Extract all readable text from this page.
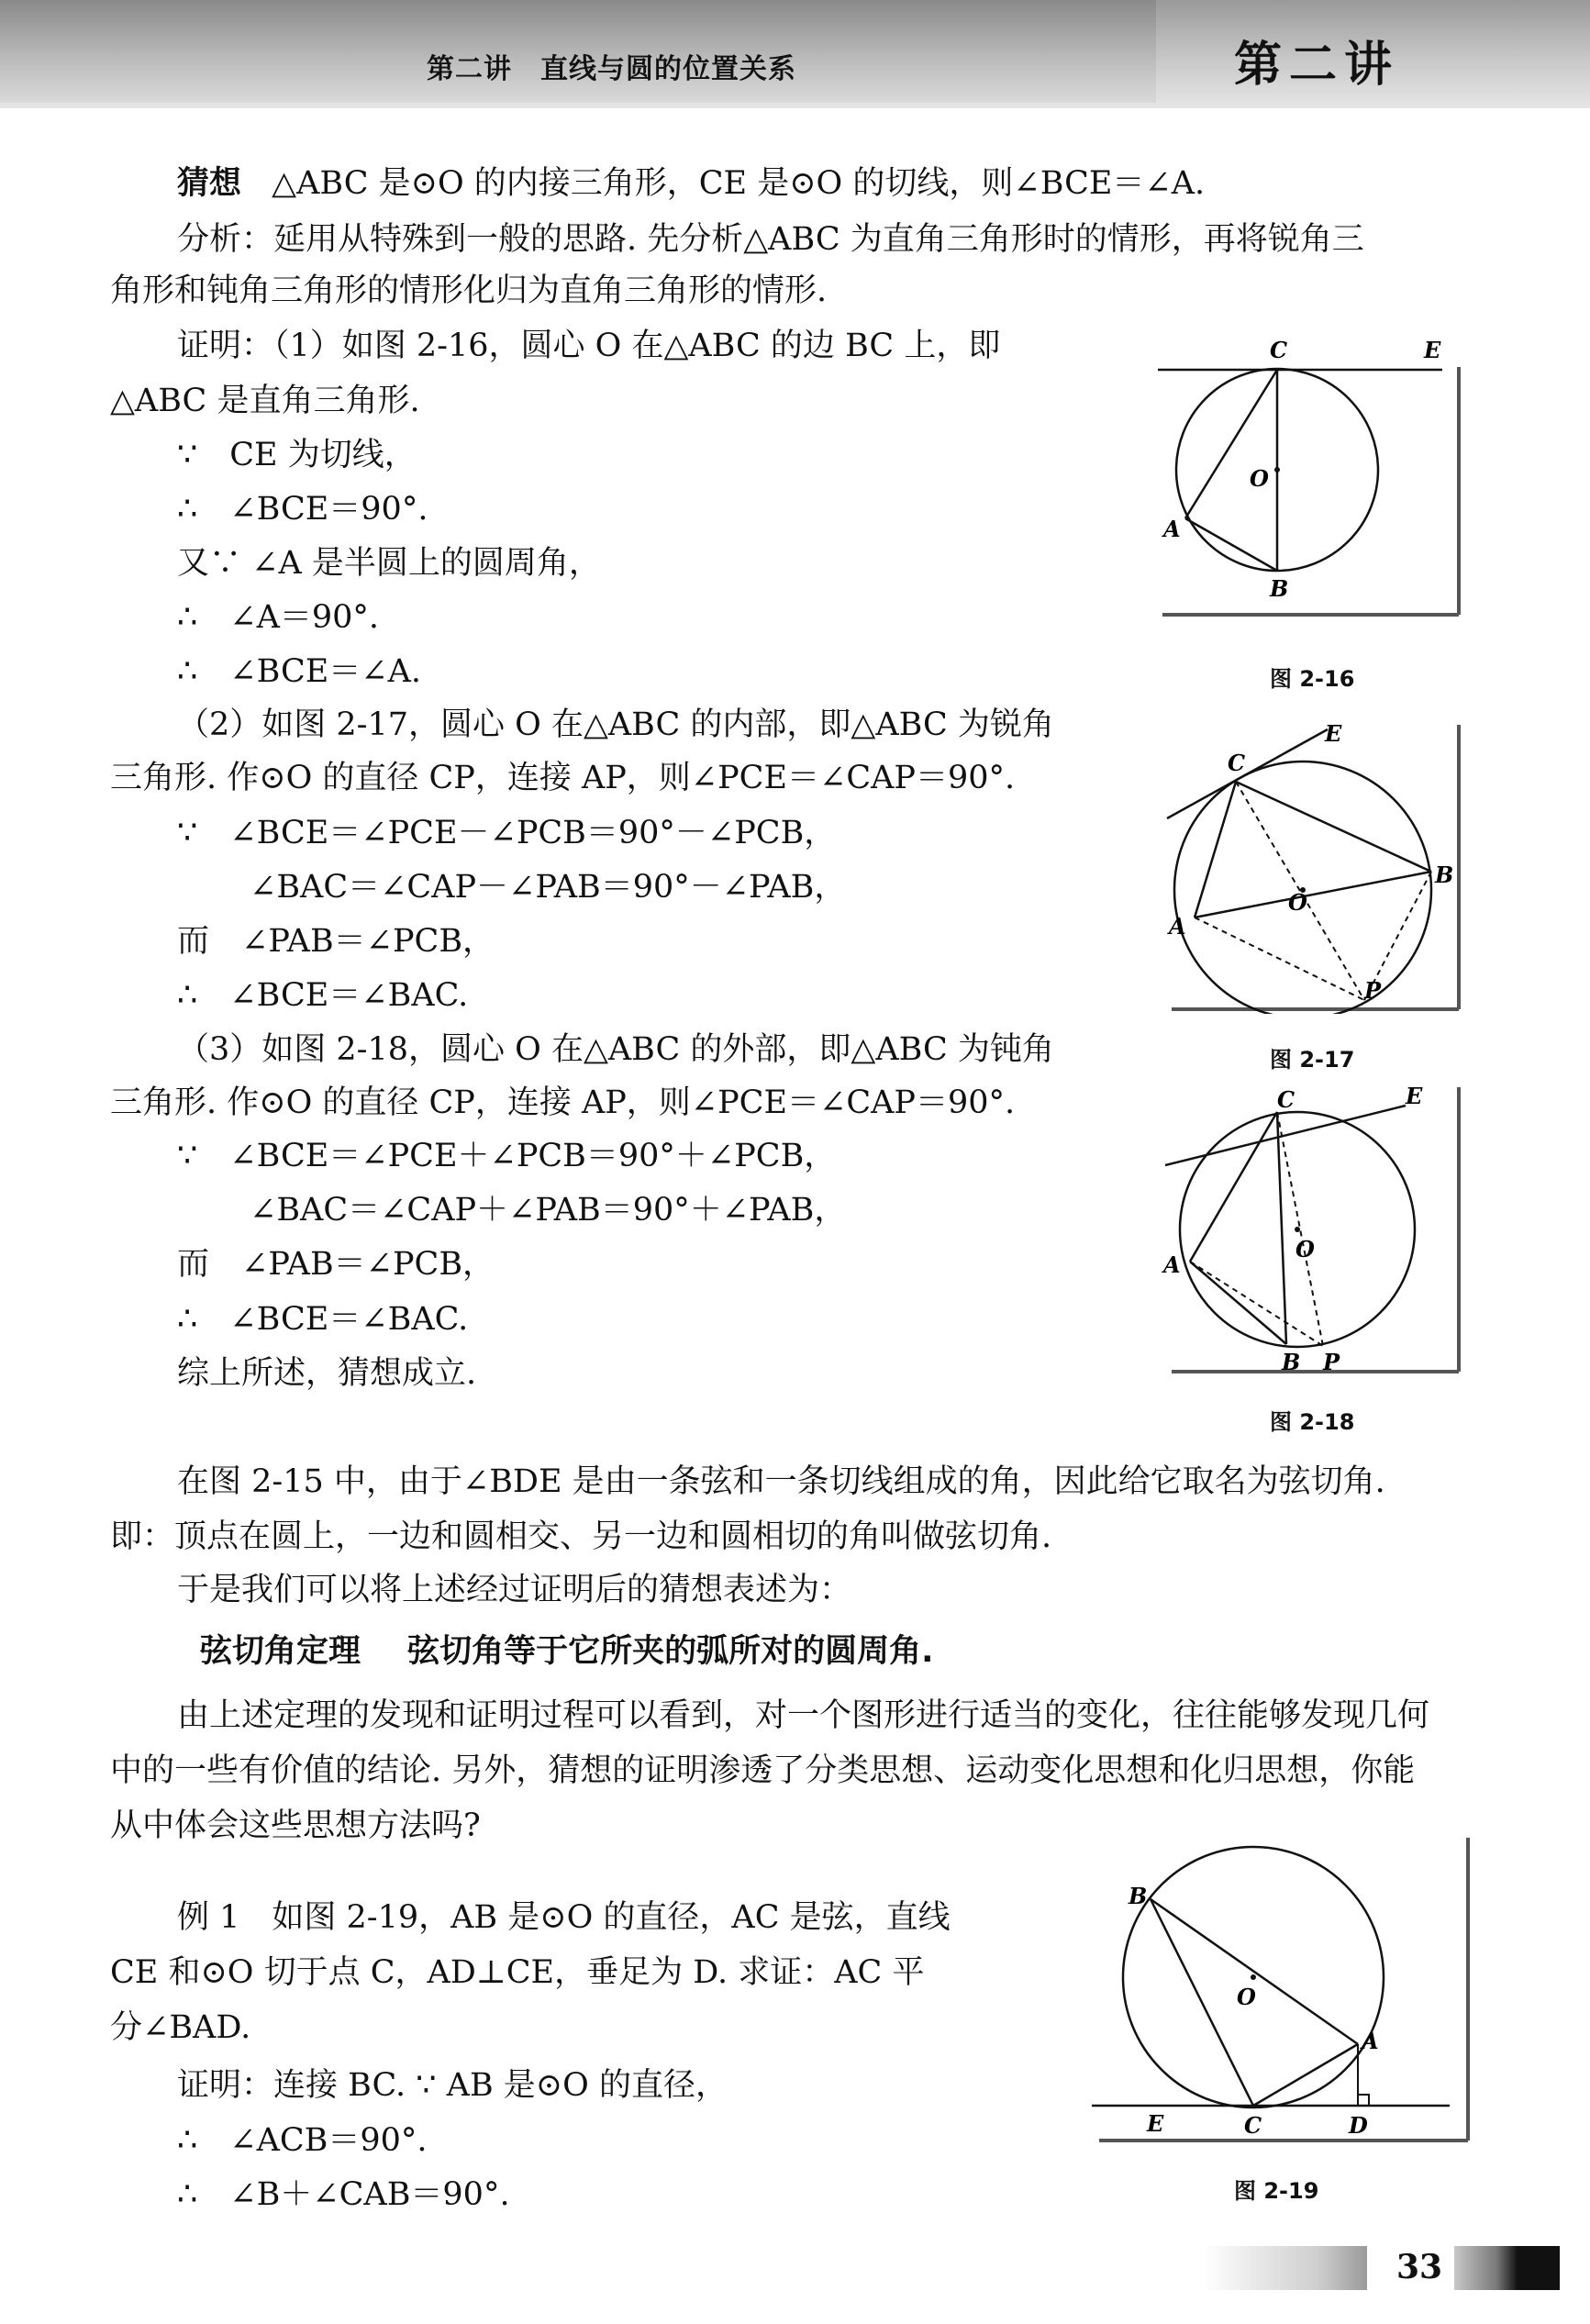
第二讲　直线与圆的位置关系	第二讲
猜想 △ABC 是⊙O 的内接三角形，CE 是⊙O 的切线，则∠BCE＝∠A.
分析：延用从特殊到一般的思路. 先分析△ABC 为直角三角形时的情形，再将锐角三
角形和钝角三角形的情形化归为直角三角形的情形.
证明：（1）如图 2-16，圆心 O 在△ABC 的边 BC 上，即
△ABC 是直角三角形.
∵　CE 为切线，
∴　∠BCE＝90°.
又∵ ∠A 是半圆上的圆周角，
∴　∠A＝90°.
∴　∠BCE＝∠A.
（2）如图 2-17，圆心 O 在△ABC 的内部，即△ABC 为锐角
三角形. 作⊙O 的直径 CP，连接 AP，则∠PCE＝∠CAP＝90°.
∵　∠BCE＝∠PCE－∠PCB＝90°－∠PCB，
∠BAC＝∠CAP－∠PAB＝90°－∠PAB，
而　∠PAB＝∠PCB，
∴　∠BCE＝∠BAC.
（3）如图 2-18，圆心 O 在△ABC 的外部，即△ABC 为钝角
三角形. 作⊙O 的直径 CP，连接 AP，则∠PCE＝∠CAP＝90°.
∵　∠BCE＝∠PCE＋∠PCB＝90°＋∠PCB，
∠BAC＝∠CAP＋∠PAB＝90°＋∠PAB，
而　∠PAB＝∠PCB，
∴　∠BCE＝∠BAC.
综上所述，猜想成立.
在图 2-15 中，由于∠BDE 是由一条弦和一条切线组成的角，因此给它取名为弦切角.
即：顶点在圆上，一边和圆相交、另一边和圆相切的角叫做弦切角.
于是我们可以将上述经过证明后的猜想表述为：
弦切角定理 弦切角等于它所夹的弧所对的圆周角.
由上述定理的发现和证明过程可以看到，对一个图形进行适当的变化，往往能够发现几何
中的一些有价值的结论. 另外，猜想的证明渗透了分类思想、运动变化思想和化归思想，你能
从中体会这些思想方法吗?
例 1　如图 2-19，AB 是⊙O 的直径，AC 是弦，直线
CE 和⊙O 切于点 C，AD⊥CE，垂足为 D. 求证：AC 平
分∠BAD.
证明：连接 BC. ∵ AB 是⊙O 的直径，
∴　∠ACB＝90°.
∴　∠B＋∠CAB＝90°.
C	E
O
A
B
图 2-16
C
E
O
A
B
P
图 2-17
C	E
O
A
B P
图 2-18
B
O
A
E	C	D
图 2-19
33
